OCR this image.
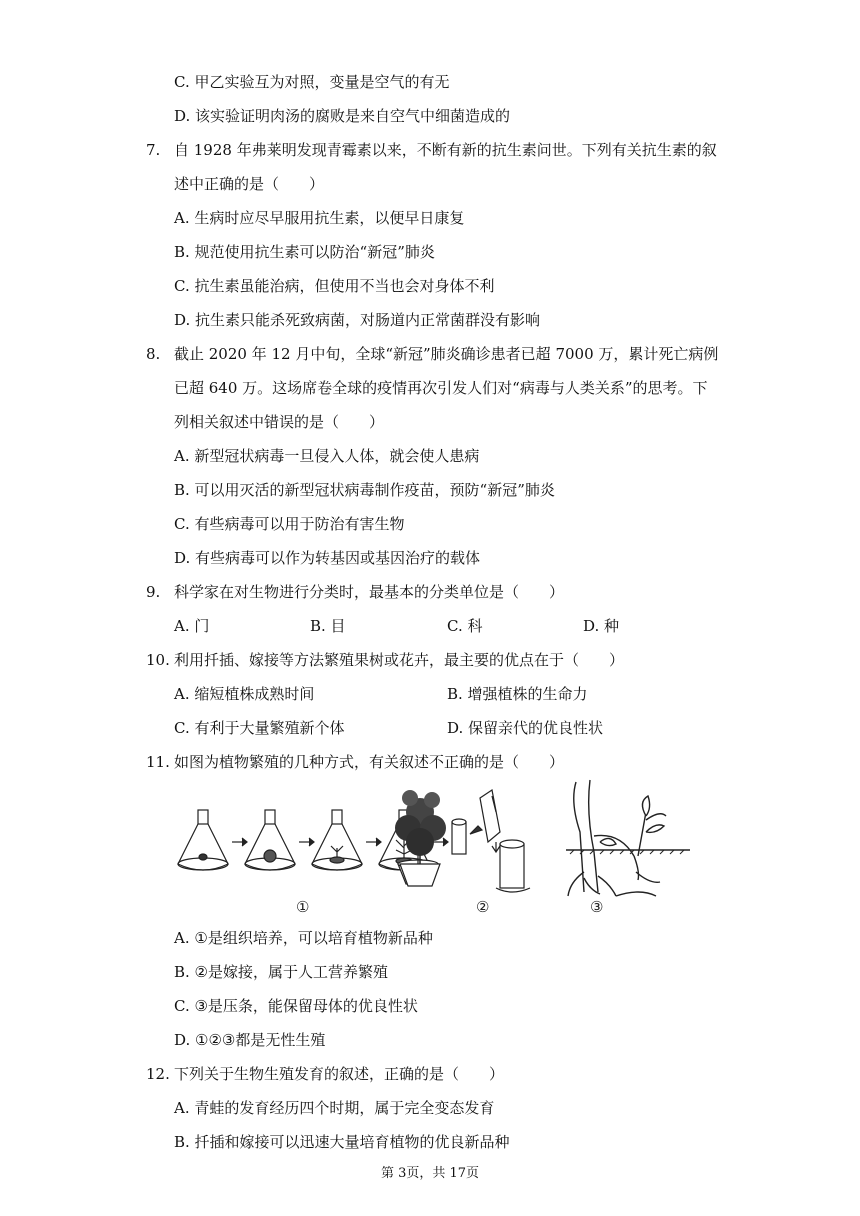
C. 甲乙实验互为对照，变量是空气的有无
D. 该实验证明肉汤的腐败是来自空气中细菌造成的
7. 自 1928 年弗莱明发现青霉素以来，不断有新的抗生素问世。下列有关抗生素的叙
述中正确的是（　　）
A. 生病时应尽早服用抗生素，以便早日康复
B. 规范使用抗生素可以防治“新冠”肺炎
C. 抗生素虽能治病，但使用不当也会对身体不利
D. 抗生素只能杀死致病菌，对肠道内正常菌群没有影响
8. 截止 2020 年 12 月中旬，全球“新冠”肺炎确诊患者已超 7000 万，累计死亡病例
已超 640 万。这场席卷全球的疫情再次引发人们对“病毒与人类关系”的思考。下
列相关叙述中错误的是（　　）
A. 新型冠状病毒一旦侵入人体，就会使人患病
B. 可以用灭活的新型冠状病毒制作疫苗，预防“新冠”肺炎
C. 有些病毒可以用于防治有害生物
D. 有些病毒可以作为转基因或基因治疗的载体
9. 科学家在对生物进行分类时，最基本的分类单位是（　　）
A. 门	B. 目	C. 科	D. 种
10. 利用扦插、嫁接等方法繁殖果树或花卉，最主要的优点在于（　　）
A. 缩短植株成熟时间	B. 增强植株的生命力
C. 有利于大量繁殖新个体	D. 保留亲代的优良性状
11. 如图为植物繁殖的几种方式，有关叙述不正确的是（　　）
①	②	③
A. ①是组织培养，可以培育植物新品种
B. ②是嫁接，属于人工营养繁殖
C. ③是压条，能保留母体的优良性状
D. ①②③都是无性生殖
12. 下列关于生物生殖发育的叙述，正确的是（　　）
A. 青蛙的发育经历四个时期，属于完全变态发育
B. 扦插和嫁接可以迅速大量培育植物的优良新品种
第 3页，共 17页
